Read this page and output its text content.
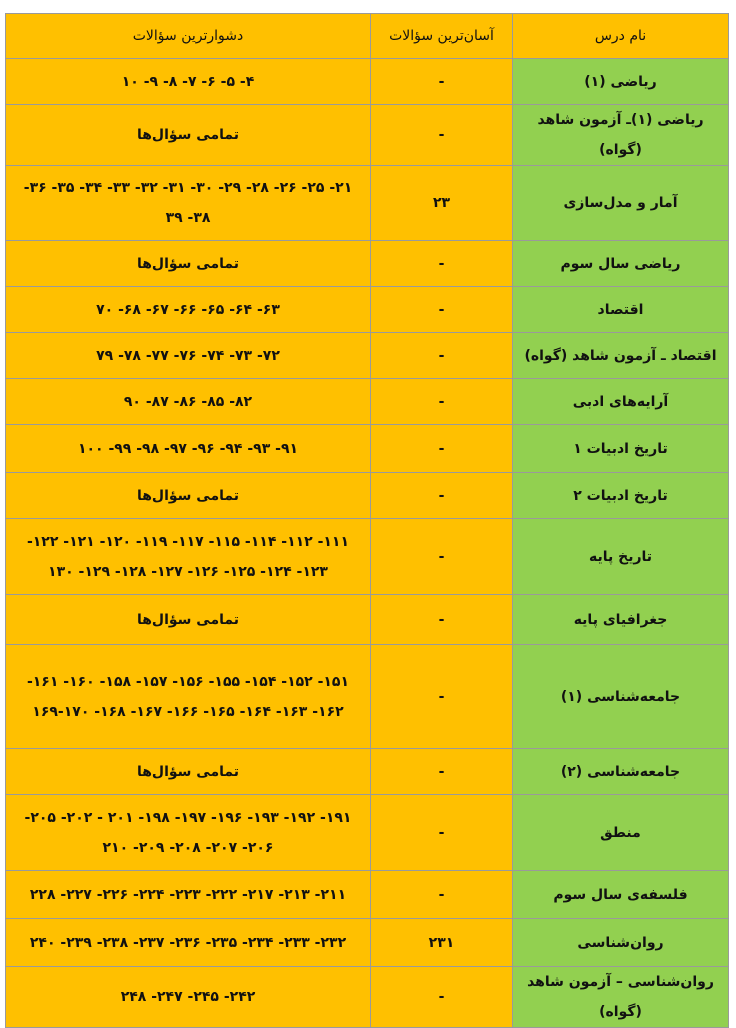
نام درس	آسان‌ترین سؤالات	دشوارترین سؤالات
ریاضی (۱)	-	۴- ۵- ۶- ۷- ۸- ۹- ۱۰
ریاضی (۱)ـ آزمون شاهد (گواه)	-	تمامی سؤال‌ها
آمار و مدل‌سازی	۲۳	۲۱- ۲۵- ۲۶- ۲۸- ۲۹- ۳۰- ۳۱- ۳۲- ۳۳- ۳۴- ۳۵- ۳۶- ۳۸- ۳۹
ریاضی سال سوم	-	تمامی سؤال‌ها
اقتصاد	-	۶۳- ۶۴- ۶۵- ۶۶- ۶۷- ۶۸- ۷۰
اقتصاد ـ آزمون شاهد (گواه)	-	۷۲- ۷۳- ۷۴- ۷۶- ۷۷- ۷۸- ۷۹
آرایه‌های ادبی	-	۸۲- ۸۵- ۸۶- ۸۷- ۹۰
تاریخ ادبیات ۱	-	۹۱- ۹۳- ۹۴- ۹۶- ۹۷- ۹۸- ۹۹- ۱۰۰
تاریخ ادبیات ۲	-	تمامی سؤال‌ها
تاریخ پایه	-	۱۱۱- ۱۱۲- ۱۱۴- ۱۱۵- ۱۱۷- ۱۱۹- ۱۲۰- ۱۲۱- ۱۲۲- ۱۲۳- ۱۲۴- ۱۲۵- ۱۲۶- ۱۲۷- ۱۲۸- ۱۲۹- ۱۳۰
جغرافیای پایه	-	تمامی سؤال‌ها
جامعه‌شناسی (۱)	-	۱۵۱- ۱۵۲- ۱۵۴- ۱۵۵- ۱۵۶- ۱۵۷- ۱۵۸- ۱۶۰- ۱۶۱- ۱۶۲- ۱۶۳- ۱۶۴- ۱۶۵- ۱۶۶- ۱۶۷- ۱۶۸- ۱۶۹-۱۷۰
جامعه‌شناسی (۲)	-	تمامی سؤال‌ها
منطق	-	۱۹۱- ۱۹۲- ۱۹۳- ۱۹۶- ۱۹۷- ۱۹۸- ۲۰۱ - ۲۰۲- ۲۰۵- ۲۰۶- ۲۰۷- ۲۰۸- ۲۰۹- ۲۱۰
فلسفه‌ی سال سوم	-	۲۱۱- ۲۱۳- ۲۱۷- ۲۲۲- ۲۲۳- ۲۲۴- ۲۲۶- ۲۲۷- ۲۲۸
روان‌شناسی	۲۳۱	۲۳۲- ۲۳۳- ۲۳۴- ۲۳۵- ۲۳۶- ۲۳۷- ۲۳۸- ۲۳۹- ۲۴۰
روان‌شناسی – آزمون شاهد (گواه)	-	۲۴۲- ۲۴۵- ۲۴۷- ۲۴۸
